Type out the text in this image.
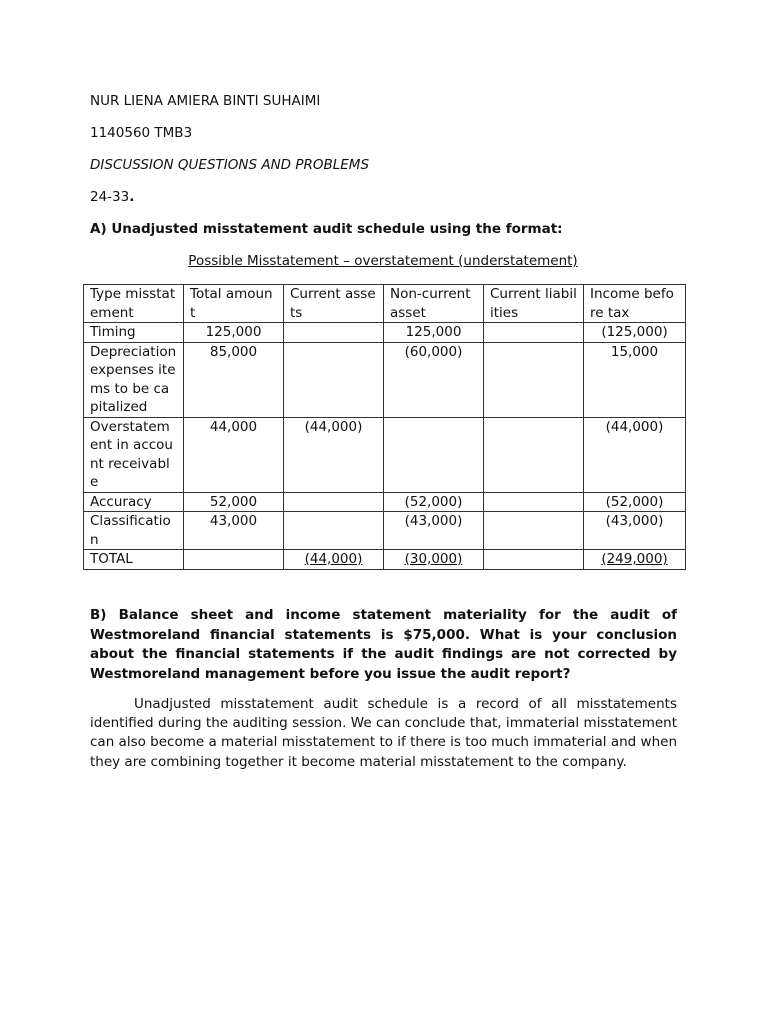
NUR LIENA AMIERA BINTI SUHAIMI
1140560 TMB3
DISCUSSION QUESTIONS AND PROBLEMS
24-33.
A) Unadjusted misstatement audit schedule using the format:
Possible Misstatement – overstatement (understatement)
Type misstatement	Total amount	Current assets	Non-current asset	Current liabilities	Income before tax
Timing	125,000		125,000		(125,000)
Depreciation expenses items to be capitalized	85,000		(60,000)		15,000
Overstatement in account receivable	44,000	(44,000)			(44,000)
Accuracy	52,000		(52,000)		(52,000)
Classification	43,000		(43,000)		(43,000)
TOTAL		(44,000)	(30,000)		(249,000)
B) Balance sheet and income statement materiality for the audit of Westmoreland financial statements is $75,000. What is your conclusion about the financial statements if the audit findings are not corrected by Westmoreland management before you issue the audit report?
Unadjusted misstatement audit schedule is a record of all misstatements identified during the auditing session. We can conclude that, immaterial misstatement can also become a material misstatement to if there is too much immaterial and when they are combining together it become material misstatement to the company.
